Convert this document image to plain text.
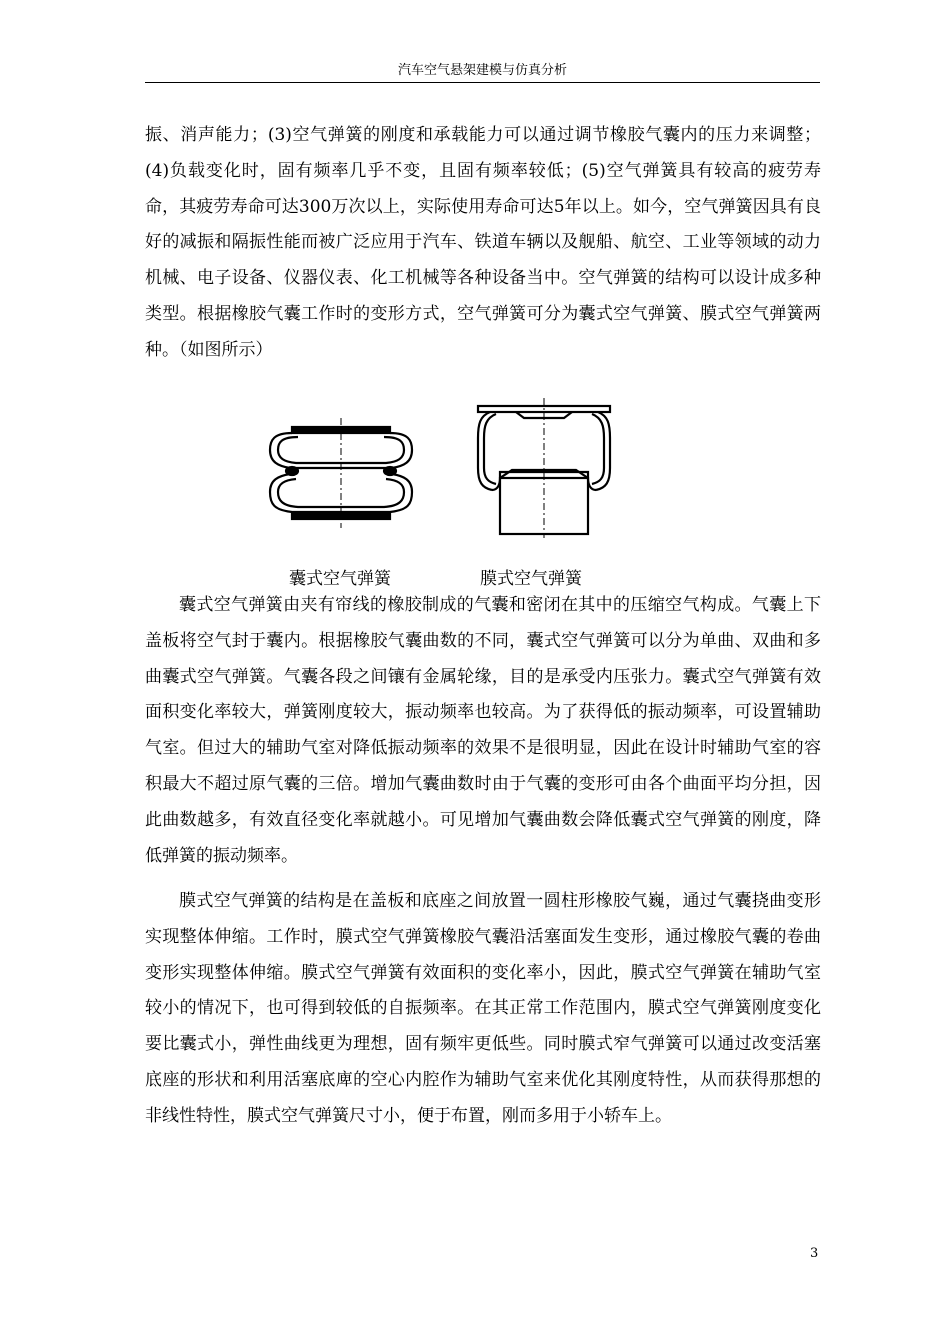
汽车空气悬架建模与仿真分析

振、消声能力；(3)空气弹簧的刚度和承载能力可以通过调节橡胶气囊内的压力来调整；(4)负载变化时，固有频率几乎不变，且固有频率较低；(5)空气弹簧具有较高的疲劳寿命，其疲劳寿命可达300万次以上，实际使用寿命可达5年以上。如今，空气弹簧因具有良好的减振和隔振性能而被广泛应用于汽车、铁道车辆以及舰船、航空、工业等领域的动力机械、电子设备、仪器仪表、化工机械等各种设备当中。空气弹簧的结构可以设计成多种类型。根据橡胶气囊工作时的变形方式，空气弹簧可分为囊式空气弹簧、膜式空气弹簧两种。（如图所示）

囊式空气弹簧	膜式空气弹簧

囊式空气弹簧由夹有帘线的橡胶制成的气囊和密闭在其中的压缩空气构成。气囊上下盖板将空气封于囊内。根据橡胶气囊曲数的不同，囊式空气弹簧可以分为单曲、双曲和多曲囊式空气弹簧。气囊各段之间镶有金属轮缘，目的是承受内压张力。囊式空气弹簧有效面积变化率较大，弹簧刚度较大，振动频率也较高。为了获得低的振动频率，可设置辅助气室。但过大的辅助气室对降低振动频率的效果不是很明显，因此在设计时辅助气室的容积最大不超过原气囊的三倍。增加气囊曲数时由于气囊的变形可由各个曲面平均分担，因此曲数越多，有效直径变化率就越小。可见增加气囊曲数会降低囊式空气弹簧的刚度，降低弹簧的振动频率。

膜式空气弹簧的结构是在盖板和底座之间放置一圆柱形橡胶气巍，通过气囊挠曲变形实现整体伸缩。工作时，膜式空气弹簧橡胶气囊沿活塞面发生变形，通过橡胶气囊的卷曲变形实现整体伸缩。膜式空气弹簧有效面积的变化率小，因此，膜式空气弹簧在辅助气室较小的情况下，也可得到较低的自振频率。在其正常工作范围内，膜式空气弹簧刚度变化要比囊式小，弹性曲线更为理想，固有频牢更低些。同时膜式窄气弹簧可以通过改变活塞底座的形状和利用活塞底庳的空心内腔作为辅助气室来优化其刚度特性，从而获得那想的非线性特性，膜式空气弹簧尺寸小，便于布置，刚而多用于小轿车上。

3
